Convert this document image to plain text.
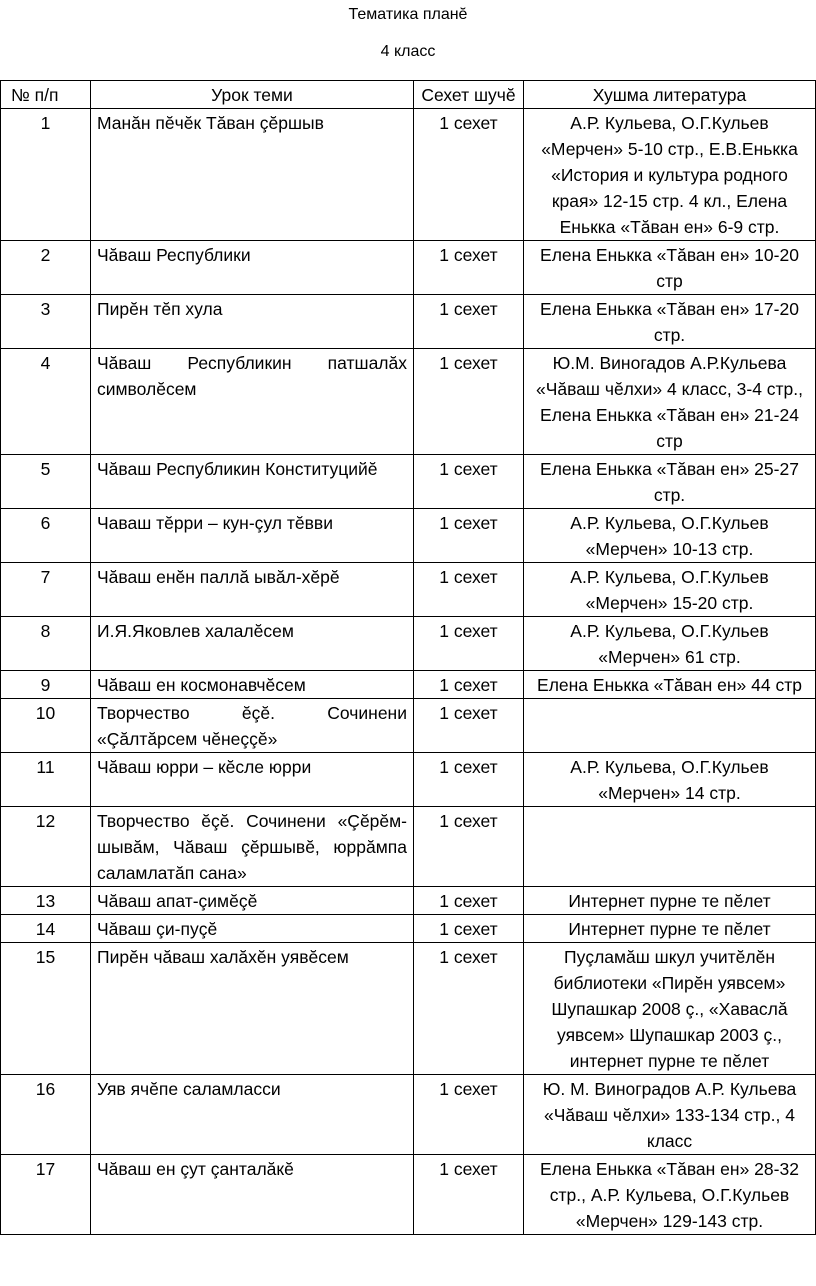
Тематика планĕ
4 класс
№ п/п	Урок теми	Сехет шучĕ	Хушма литература
1	Манăн пĕчĕк Тăван çĕршыв	1 сехет	А.Р. Кульева, О.Г.Кульев «Мерчен» 5-10 стр., Е.В.Енькка «История и культура родного края» 12-15 стр. 4 кл., Елена Енькка «Тăван ен» 6-9 стр.
2	Чăваш Республики	1 сехет	Елена Енькка «Тăван ен» 10-20 стр
3	Пирĕн тĕп хула	1 сехет	Елена Енькка «Тăван ен» 17-20 стр.
4	Чăваш Республикин патшалăх символĕсем	1 сехет	Ю.М. Виногадов А.Р.Кульева «Чăваш чĕлхи» 4 класс, 3-4 стр., Елена Енькка «Тăван ен» 21-24 стр
5	Чăваш Республикин Конституцийĕ	1 сехет	Елена Енькка «Тăван ен» 25-27 стр.
6	Чаваш тĕрри – кун-çул тĕвви	1 сехет	А.Р. Кульева, О.Г.Кульев «Мерчен» 10-13 стр.
7	Чăваш енĕн паллă ывăл-хĕрĕ	1 сехет	А.Р. Кульева, О.Г.Кульев «Мерчен» 15-20 стр.
8	И.Я.Яковлев халалĕсем	1 сехет	А.Р. Кульева, О.Г.Кульев «Мерчен» 61 стр.
9	Чăваш ен космонавчĕсем	1 сехет	Елена Енькка «Тăван ен» 44 стр
10	Творчество ĕçĕ. Сочинени «Çăлтăрсем чĕнеççĕ»	1 сехет	
11	Чăваш юрри – кĕсле юрри	1 сехет	А.Р. Кульева, О.Г.Кульев «Мерчен» 14 стр.
12	Творчество ĕçĕ. Сочинени «Çĕрĕм-шывăм, Чăваш çĕршывĕ, юррăмпа саламлатăп сана»	1 сехет	
13	Чăваш апат-çимĕçĕ	1 сехет	Интернет пурне те пĕлет
14	Чăваш çи-пуçĕ	1 сехет	Интернет пурне те пĕлет
15	Пирĕн чăваш халăхĕн уявĕсем	1 сехет	Пуçламăш шкул учитĕлĕн библиотеки «Пирĕн уявсем» Шупашкар 2008 ç., «Хаваслă уявсем» Шупашкар 2003 ç., интернет пурне те пĕлет
16	Уяв ячĕпе саламласси	1 сехет	Ю. М. Виноградов А.Р. Кульева «Чăваш чĕлхи» 133-134 стр., 4 класс
17	Чăваш ен çут çанталăкĕ	1 сехет	Елена Енькка «Тăван ен» 28-32 стр., А.Р. Кульева, О.Г.Кульев «Мерчен» 129-143 стр.
